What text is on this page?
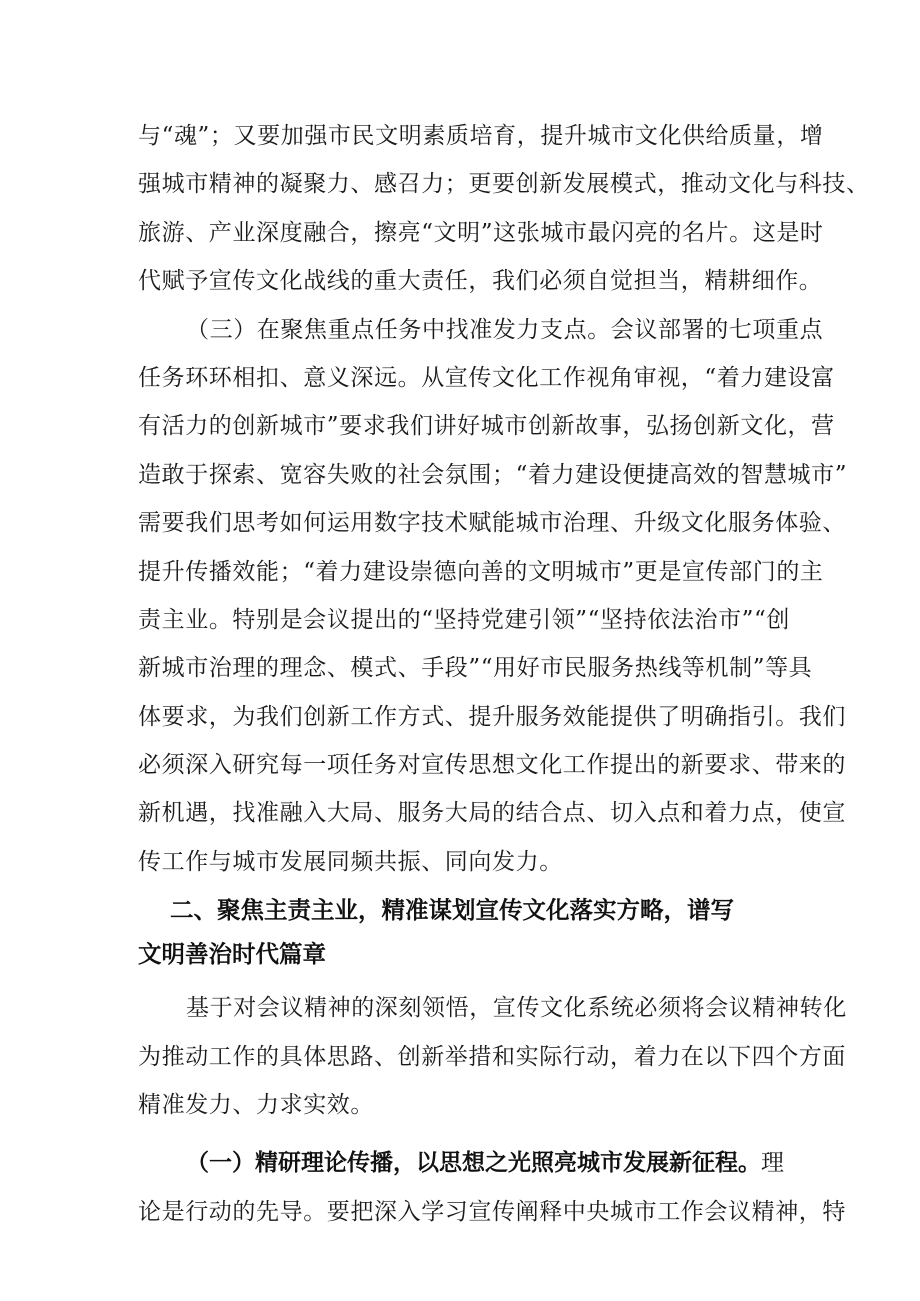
与“魂”；又要加强市民文明素质培育，提升城市文化供给质量，增
强城市精神的凝聚力、感召力；更要创新发展模式，推动文化与科技、
旅游、产业深度融合，擦亮“文明”这张城市最闪亮的名片。这是时
代赋予宣传文化战线的重大责任，我们必须自觉担当，精耕细作。
（三）在聚焦重点任务中找准发力支点。会议部署的七项重点
任务环环相扣、意义深远。从宣传文化工作视角审视，“着力建设富
有活力的创新城市”要求我们讲好城市创新故事，弘扬创新文化，营
造敢于探索、宽容失败的社会氛围；“着力建设便捷高效的智慧城市”
需要我们思考如何运用数字技术赋能城市治理、升级文化服务体验、
提升传播效能；“着力建设崇德向善的文明城市”更是宣传部门的主
责主业。特别是会议提出的“坚持党建引领”“坚持依法治市”“创
新城市治理的理念、模式、手段”“用好市民服务热线等机制”等具
体要求，为我们创新工作方式、提升服务效能提供了明确指引。我们
必须深入研究每一项任务对宣传思想文化工作提出的新要求、带来的
新机遇，找准融入大局、服务大局的结合点、切入点和着力点，使宣
传工作与城市发展同频共振、同向发力。
二、聚焦主责主业，精准谋划宣传文化落实方略，谱写
文明善治时代篇章
基于对会议精神的深刻领悟，宣传文化系统必须将会议精神转化
为推动工作的具体思路、创新举措和实际行动，着力在以下四个方面
精准发力、力求实效。
（一）精研理论传播，以思想之光照亮城市发展新征程。理
论是行动的先导。要把深入学习宣传阐释中央城市工作会议精神，特
